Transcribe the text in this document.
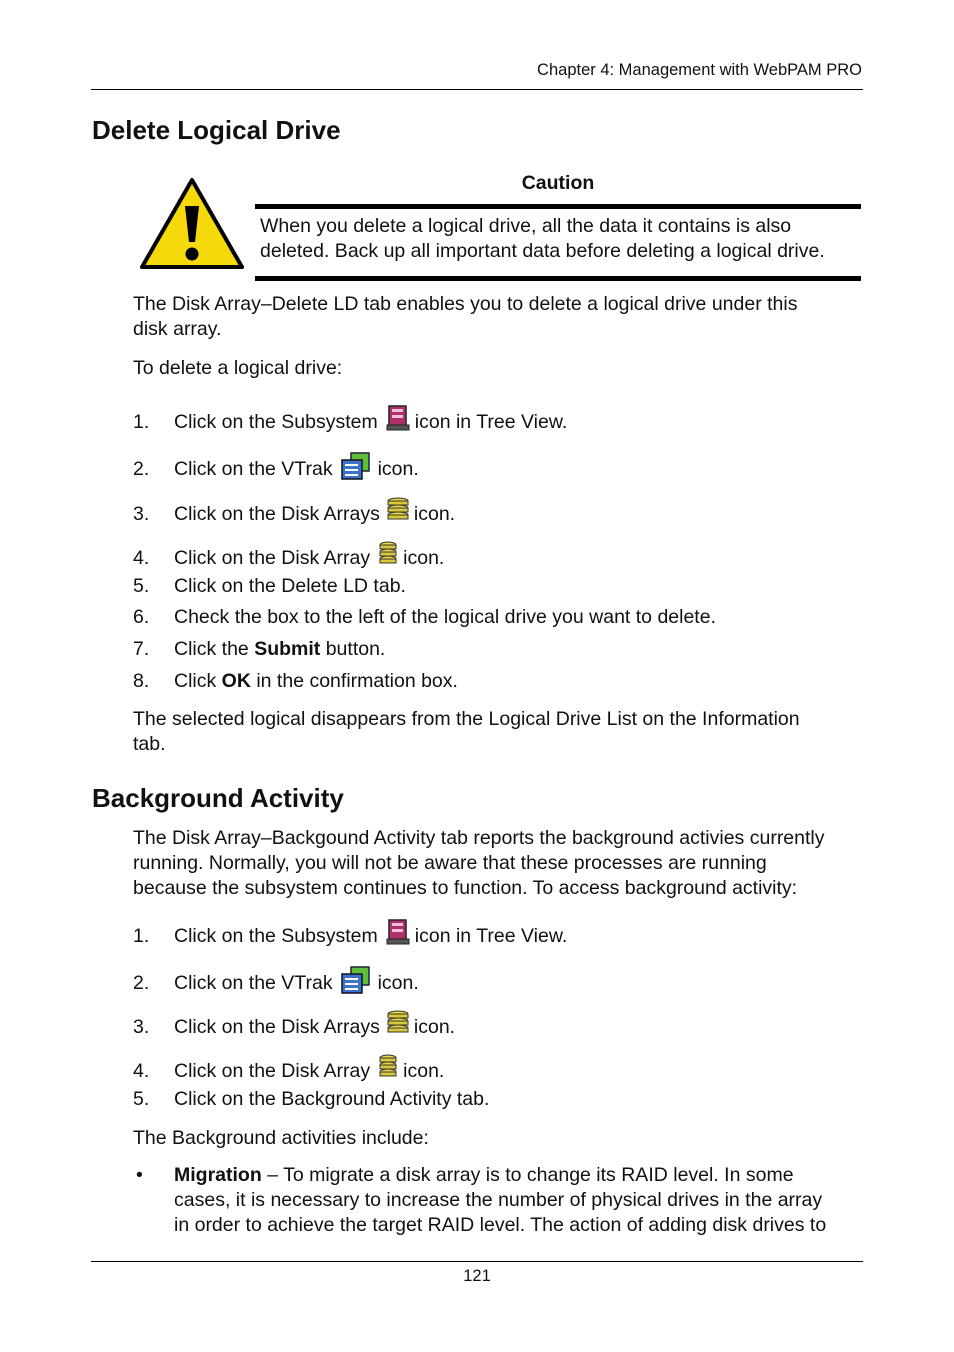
Chapter 4: Management with WebPAM PRO
Delete Logical Drive
Caution
When you delete a logical drive, all the data it contains is also
deleted. Back up all important data before deleting a logical drive.
The Disk Array–Delete LD tab enables you to delete a logical drive under this
disk array.
To delete a logical drive:
1. Click on the Subsystem icon in Tree View.
2. Click on the VTrak icon.
3. Click on the Disk Arrays icon.
4. Click on the Disk Array icon.
5. Click on the Delete LD tab.
6. Check the box to the left of the logical drive you want to delete.
7. Click the Submit button.
8. Click OK in the confirmation box.
The selected logical disappears from the Logical Drive List on the Information
tab.
Background Activity
The Disk Array–Backgound Activity tab reports the background activies currently
running. Normally, you will not be aware that these processes are running
because the subsystem continues to function. To access background activity:
1. Click on the Subsystem icon in Tree View.
2. Click on the VTrak icon.
3. Click on the Disk Arrays icon.
4. Click on the Disk Array icon.
5. Click on the Background Activity tab.
The Background activities include:
• Migration – To migrate a disk array is to change its RAID level. In some
cases, it is necessary to increase the number of physical drives in the array
in order to achieve the target RAID level. The action of adding disk drives to
121
